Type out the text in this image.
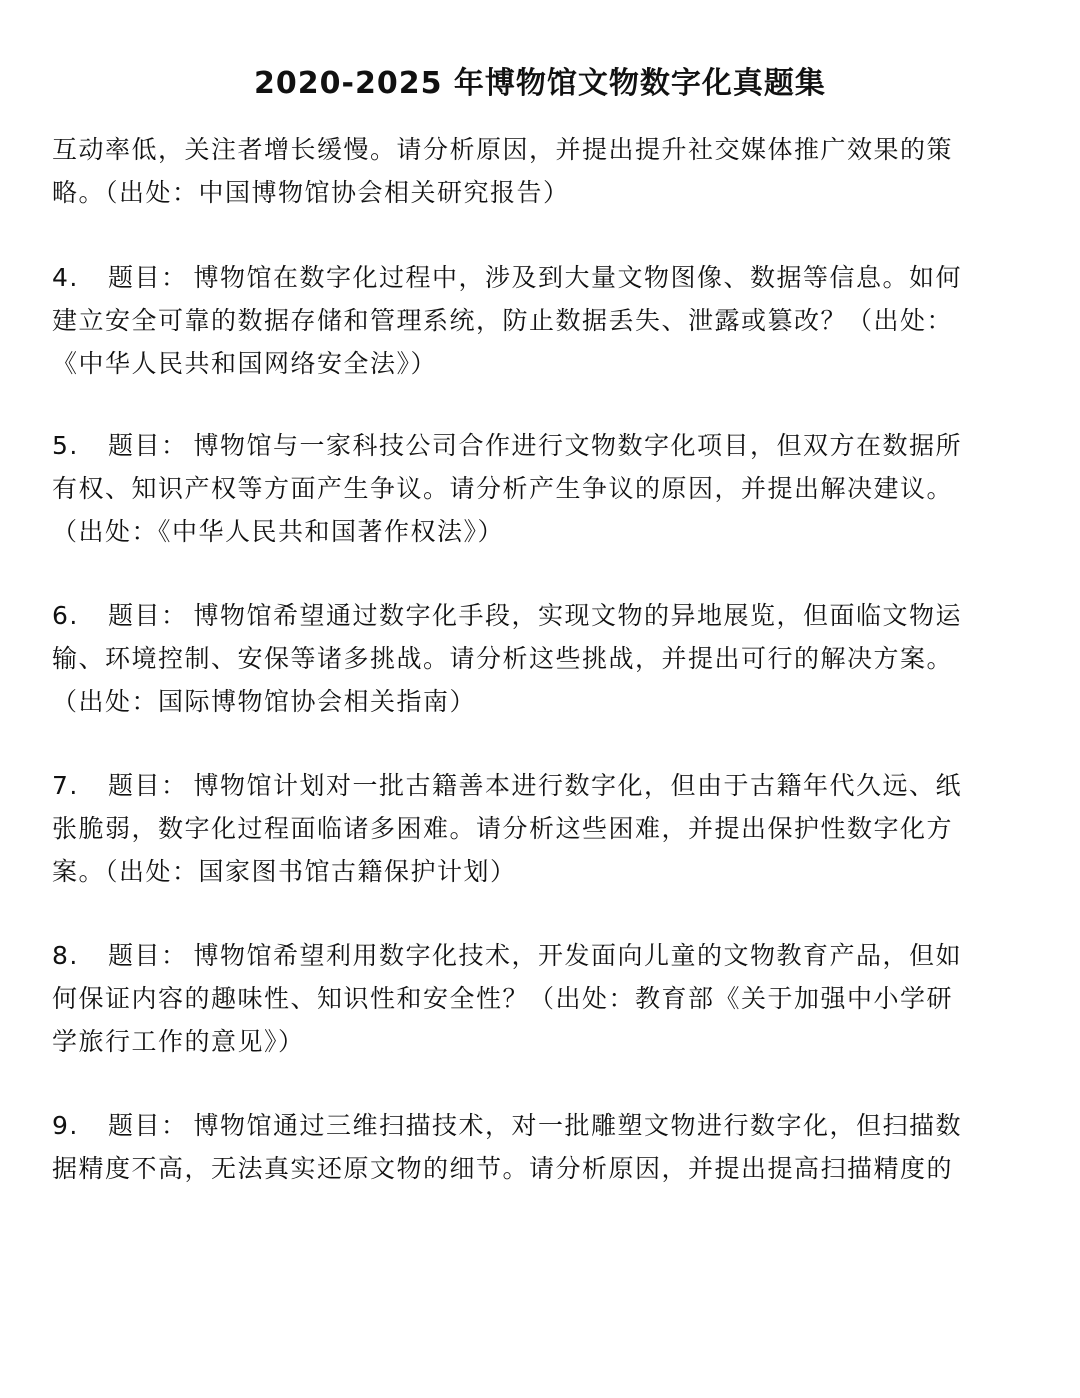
2020-2025 年博物馆文物数字化真题集

互动率低，关注者增长缓慢。请分析原因，并提出提升社交媒体推广效果的策
略。（出处：中国博物馆协会相关研究报告）

4. 题目： 博物馆在数字化过程中，涉及到大量文物图像、数据等信息。如何
建立安全可靠的数据存储和管理系统，防止数据丢失、泄露或篡改？（出处：
《中华人民共和国网络安全法》）

5. 题目： 博物馆与一家科技公司合作进行文物数字化项目，但双方在数据所
有权、知识产权等方面产生争议。请分析产生争议的原因，并提出解决建议。
（出处：《中华人民共和国著作权法》）

6. 题目： 博物馆希望通过数字化手段，实现文物的异地展览，但面临文物运
输、环境控制、安保等诸多挑战。请分析这些挑战，并提出可行的解决方案。
（出处：国际博物馆协会相关指南）

7. 题目： 博物馆计划对一批古籍善本进行数字化，但由于古籍年代久远、纸
张脆弱，数字化过程面临诸多困难。请分析这些困难，并提出保护性数字化方
案。（出处：国家图书馆古籍保护计划）

8. 题目： 博物馆希望利用数字化技术，开发面向儿童的文物教育产品，但如
何保证内容的趣味性、知识性和安全性？（出处：教育部《关于加强中小学研
学旅行工作的意见》）

9. 题目： 博物馆通过三维扫描技术，对一批雕塑文物进行数字化，但扫描数
据精度不高，无法真实还原文物的细节。请分析原因，并提出提高扫描精度的
